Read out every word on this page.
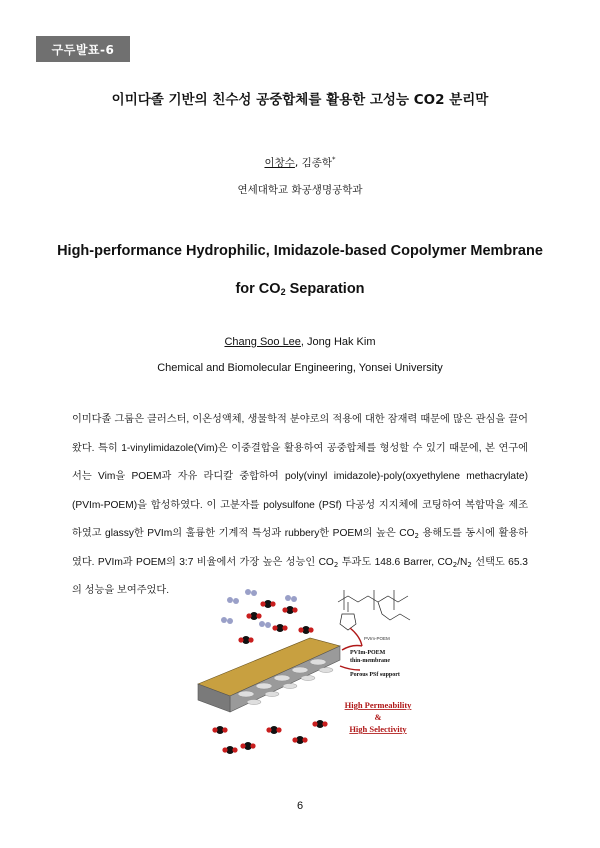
구두발표-6
이미다졸 기반의 친수성 공중합체를 활용한 고성능 CO2 분리막
이창수, 김종학*
연세대학교 화공생명공학과
High-performance Hydrophilic, Imidazole-based Copolymer Membrane
for $CO_2$ Separation
Chang Soo Lee, Jong Hak Kim
Chemical and Biomolecular Engineering, Yonsei University
이미다졸 그룹은 클러스터, 이온성액체, 생물학적 분야로의 적용에 대한 잠재력 때문에 많은 관심을 끌어왔다. 특히 1-vinylimidazole(Vim)은 이중결합을 활용하여 공중합체를 형성할 수 있기 때문에, 본 연구에서는 Vim을 POEM과 자유 라디칼 중합하여 poly(vinyl imidazole)-poly(oxyethylene methacrylate) (PVIm-POEM)을 합성하였다. 이 고분자를 polysulfone (PSf) 다공성 지지체에 코팅하여 복합막을 제조하였고 glassy한 PVIm의 훌륭한 기계적 특성과 rubbery한 POEM의 높은 $CO_2$ 용해도를 동시에 활용하였다. PVIm과 POEM의 3:7 비율에서 가장 높은 성능인 $CO_2$ 투과도 148.6 Barrer, $CO_2/N_2$ 선택도 65.3의 성능을 보여주었다.
PVIm-POEM
PVIm-POEM
thin-membrane
Porous PSf support
High Permeability
&
High Selectivity
6
